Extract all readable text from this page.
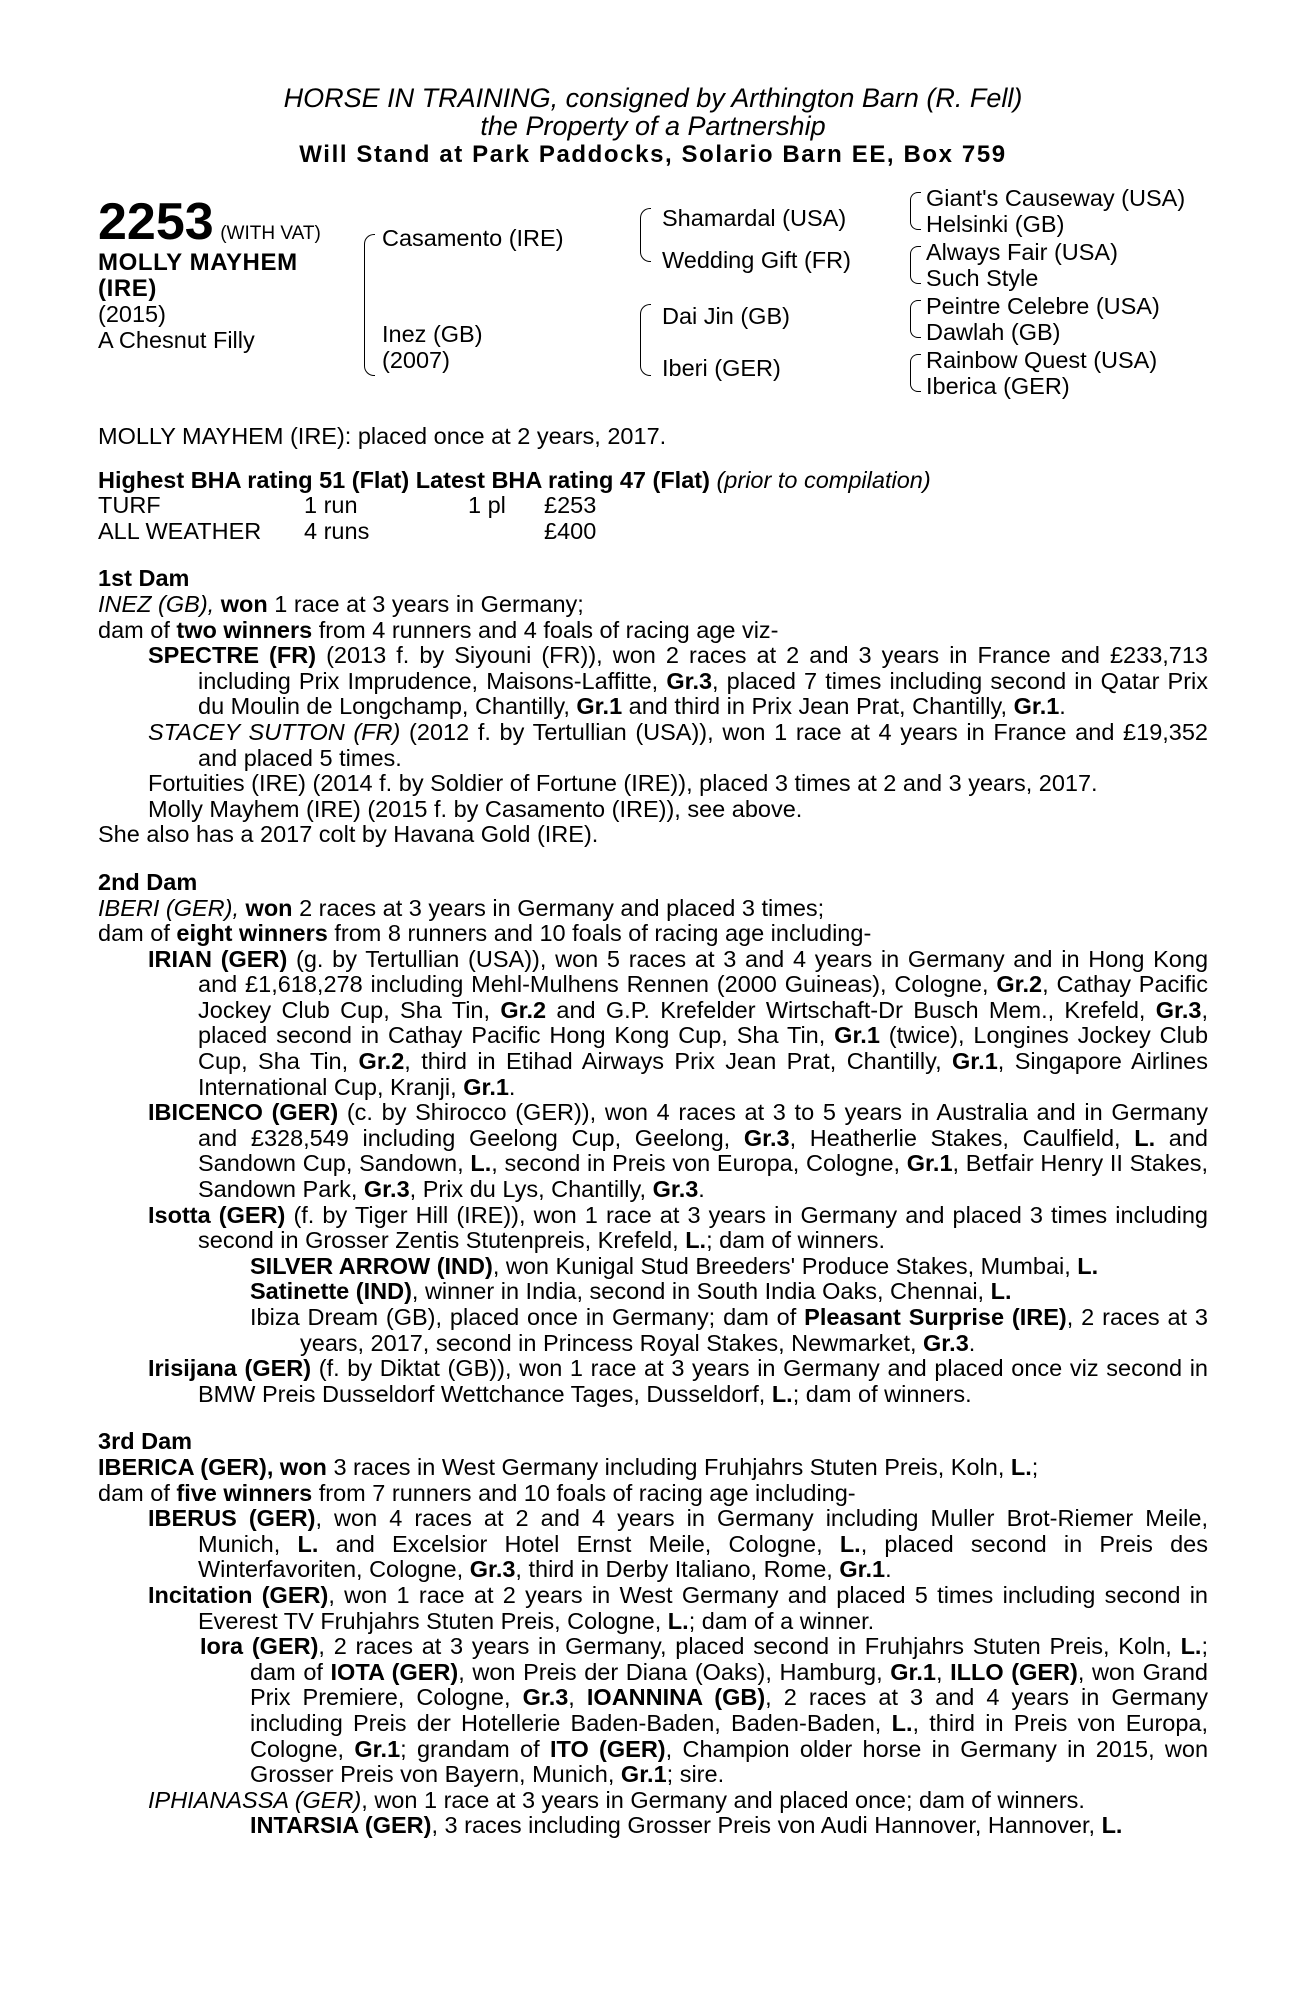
HORSE IN TRAINING, consigned by Arthington Barn (R. Fell)
the Property of a Partnership
Will Stand at Park Paddocks, Solario Barn EE, Box 759
2253 (WITH VAT)
MOLLY MAYHEM
(IRE)
(2015)
A Chesnut Filly
Casamento (IRE)
Inez (GB)
(2007)
Shamardal (USA)
Wedding Gift (FR)
Dai Jin (GB)
Iberi (GER)
Giant's Causeway (USA)
Helsinki (GB)
Always Fair (USA)
Such Style
Peintre Celebre (USA)
Dawlah (GB)
Rainbow Quest (USA)
Iberica (GER)
MOLLY MAYHEM (IRE): placed once at 2 years, 2017.
Highest BHA rating 51 (Flat) Latest BHA rating 47 (Flat) (prior to compilation)
TURF	1 run	1 pl	£253
ALL WEATHER	4 runs		£400
1st Dam
INEZ (GB), won 1 race at 3 years in Germany;
dam of two winners from 4 runners and 4 foals of racing age viz-
SPECTRE (FR) (2013 f. by Siyouni (FR)), won 2 races at 2 and 3 years in France and £233,713 including Prix Imprudence, Maisons-Laffitte, Gr.3, placed 7 times including second in Qatar Prix du Moulin de Longchamp, Chantilly, Gr.1 and third in Prix Jean Prat, Chantilly, Gr.1.
STACEY SUTTON (FR) (2012 f. by Tertullian (USA)), won 1 race at 4 years in France and £19,352 and placed 5 times.
Fortuities (IRE) (2014 f. by Soldier of Fortune (IRE)), placed 3 times at 2 and 3 years, 2017.
Molly Mayhem (IRE) (2015 f. by Casamento (IRE)), see above.
She also has a 2017 colt by Havana Gold (IRE).
2nd Dam
IBERI (GER), won 2 races at 3 years in Germany and placed 3 times;
dam of eight winners from 8 runners and 10 foals of racing age including-
IRIAN (GER) (g. by Tertullian (USA)), won 5 races at 3 and 4 years in Germany and in Hong Kong and £1,618,278 including Mehl-Mulhens Rennen (2000 Guineas), Cologne, Gr.2, Cathay Pacific Jockey Club Cup, Sha Tin, Gr.2 and G.P. Krefelder Wirtschaft-Dr Busch Mem., Krefeld, Gr.3, placed second in Cathay Pacific Hong Kong Cup, Sha Tin, Gr.1 (twice), Longines Jockey Club Cup, Sha Tin, Gr.2, third in Etihad Airways Prix Jean Prat, Chantilly, Gr.1, Singapore Airlines International Cup, Kranji, Gr.1.
IBICENCO (GER) (c. by Shirocco (GER)), won 4 races at 3 to 5 years in Australia and in Germany and £328,549 including Geelong Cup, Geelong, Gr.3, Heatherlie Stakes, Caulfield, L. and Sandown Cup, Sandown, L., second in Preis von Europa, Cologne, Gr.1, Betfair Henry II Stakes, Sandown Park, Gr.3, Prix du Lys, Chantilly, Gr.3.
Isotta (GER) (f. by Tiger Hill (IRE)), won 1 race at 3 years in Germany and placed 3 times including second in Grosser Zentis Stutenpreis, Krefeld, L.; dam of winners.
SILVER ARROW (IND), won Kunigal Stud Breeders' Produce Stakes, Mumbai, L.
Satinette (IND), winner in India, second in South India Oaks, Chennai, L.
Ibiza Dream (GB), placed once in Germany; dam of Pleasant Surprise (IRE), 2 races at 3 years, 2017, second in Princess Royal Stakes, Newmarket, Gr.3.
Irisijana (GER) (f. by Diktat (GB)), won 1 race at 3 years in Germany and placed once viz second in BMW Preis Dusseldorf Wettchance Tages, Dusseldorf, L.; dam of winners.
3rd Dam
IBERICA (GER), won 3 races in West Germany including Fruhjahrs Stuten Preis, Koln, L.;
dam of five winners from 7 runners and 10 foals of racing age including-
IBERUS (GER), won 4 races at 2 and 4 years in Germany including Muller Brot-Riemer Meile, Munich, L. and Excelsior Hotel Ernst Meile, Cologne, L., placed second in Preis des Winterfavoriten, Cologne, Gr.3, third in Derby Italiano, Rome, Gr.1.
Incitation (GER), won 1 race at 2 years in West Germany and placed 5 times including second in Everest TV Fruhjahrs Stuten Preis, Cologne, L.; dam of a winner.
Iora (GER), 2 races at 3 years in Germany, placed second in Fruhjahrs Stuten Preis, Koln, L.; dam of IOTA (GER), won Preis der Diana (Oaks), Hamburg, Gr.1, ILLO (GER), won Grand Prix Premiere, Cologne, Gr.3, IOANNINA (GB), 2 races at 3 and 4 years in Germany including Preis der Hotellerie Baden-Baden, Baden-Baden, L., third in Preis von Europa, Cologne, Gr.1; grandam of ITO (GER), Champion older horse in Germany in 2015, won Grosser Preis von Bayern, Munich, Gr.1; sire.
IPHIANASSA (GER), won 1 race at 3 years in Germany and placed once; dam of winners.
INTARSIA (GER), 3 races including Grosser Preis von Audi Hannover, Hannover, L.
